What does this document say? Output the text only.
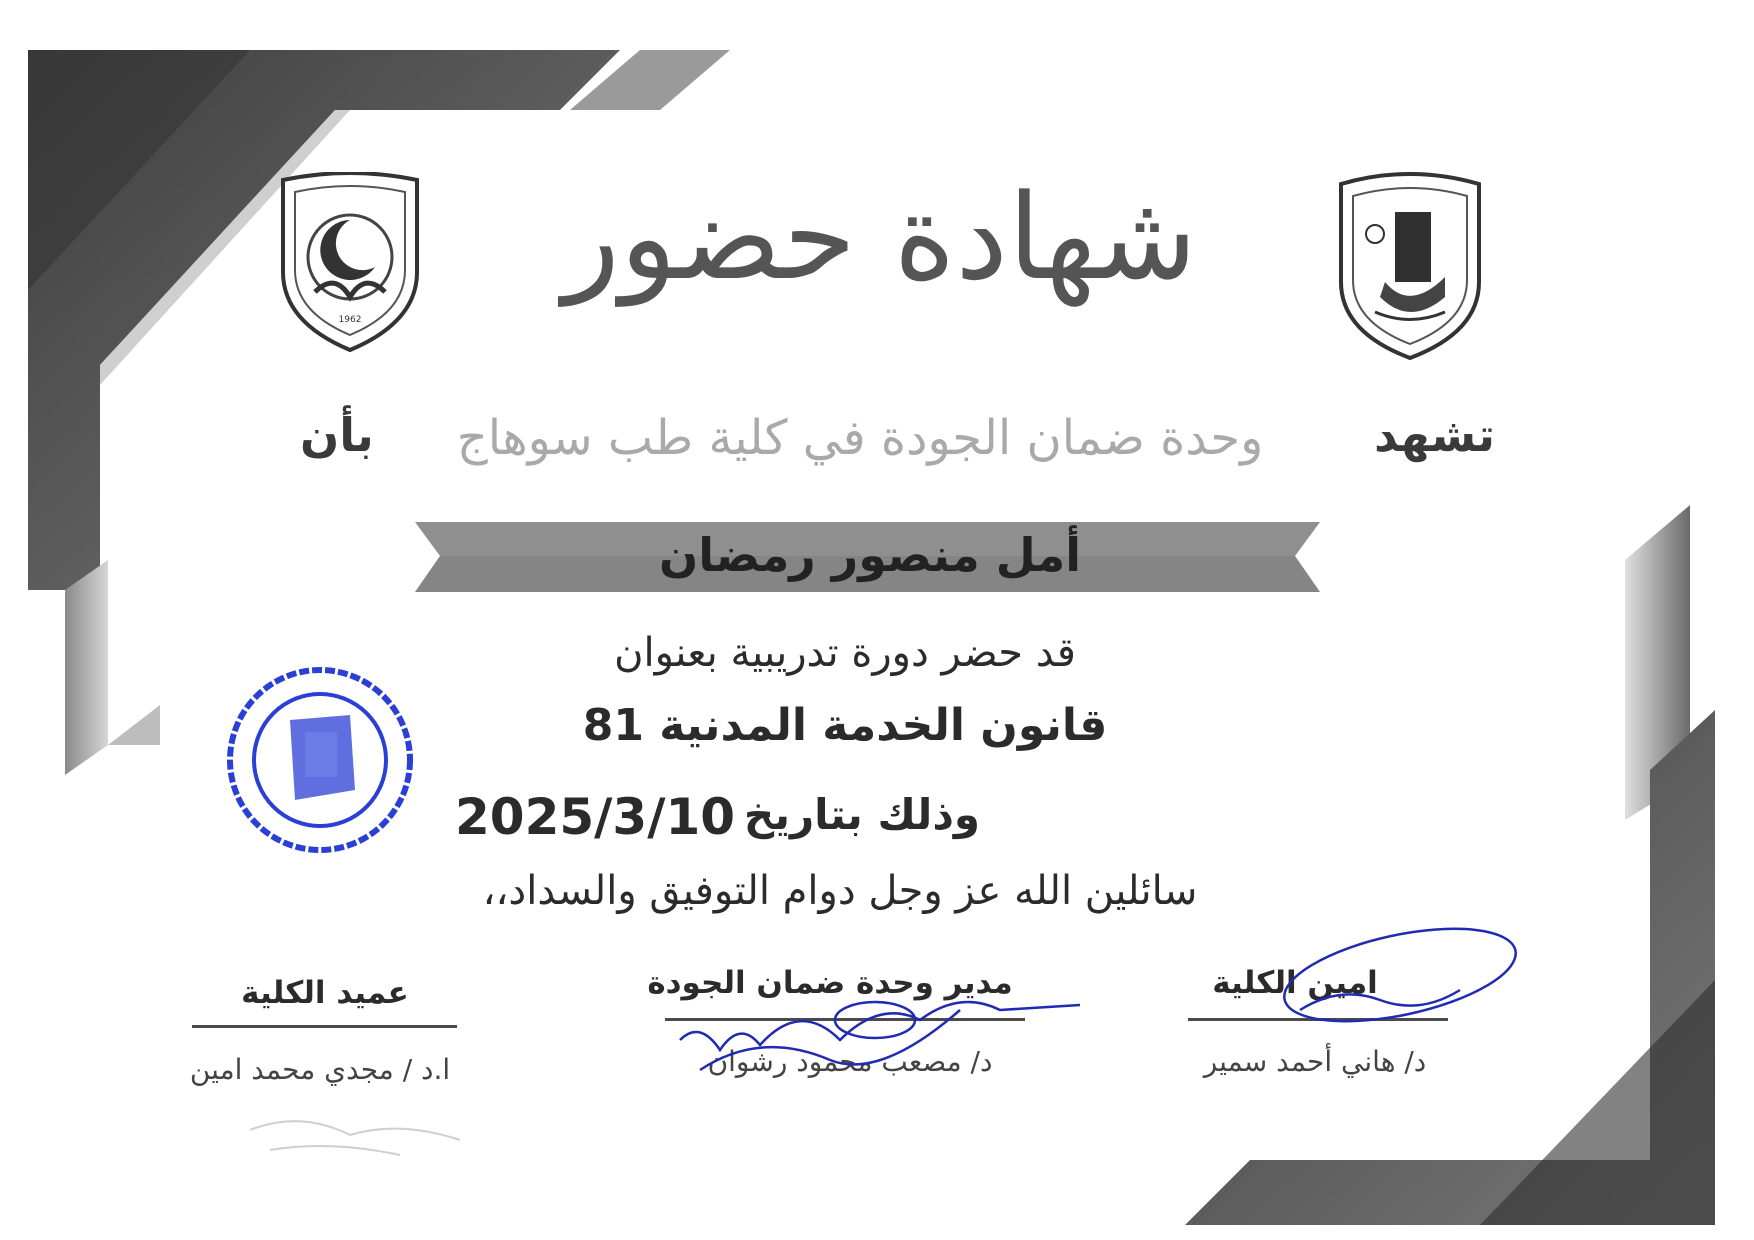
1962
شهادة حضور
تشهد
وحدة ضمان الجودة في كلية طب سوهاج
بأن
أمل منصور رمضان
قد حضر دورة تدريبية بعنوان
قانون الخدمة المدنية 81
وذلك بتاريخ
2025/3/10
سائلين الله عز وجل دوام التوفيق والسداد،،
امين الكلية
د/ هاني أحمد سمير
مدير وحدة ضمان الجودة
د/ مصعب محمود رشوان
عميد الكلية
ا.د / مجدي محمد امين
